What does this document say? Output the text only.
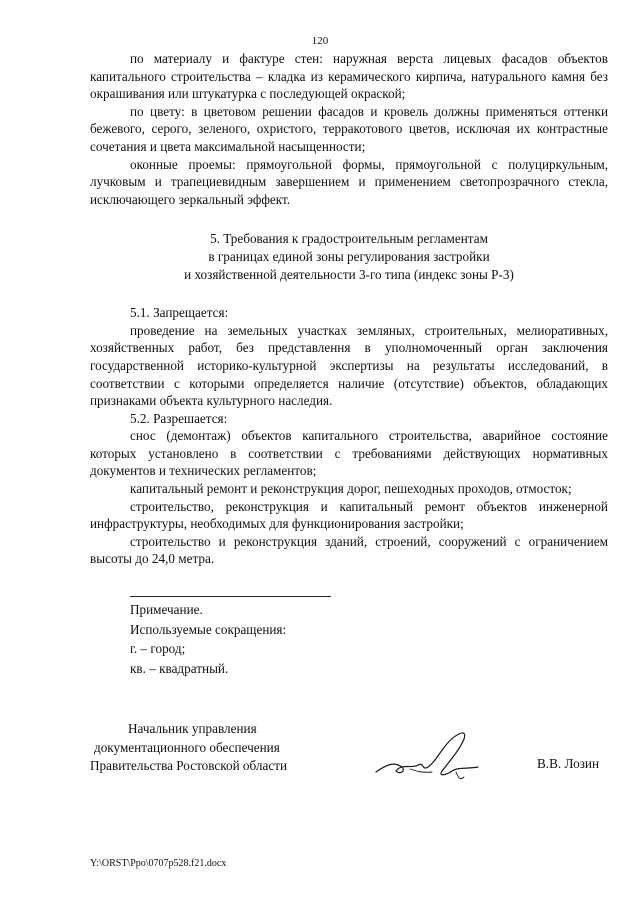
120

по материалу и фактуре стен: наружная верста лицевых фасадов объектов капитального строительства – кладка из керамического кирпича, натурального камня без окрашивания или штукатурка с последующей окраской;

по цвету: в цветовом решении фасадов и кровель должны применяться оттенки бежевого, серого, зеленого, охристого, терракотового цветов, исключая их контрастные сочетания и цвета максимальной насыщенности;

оконные проемы: прямоугольной формы, прямоугольной с полуциркульным, лучковым и трапециевидным завершением и применением светопрозрачного стекла, исключающего зеркальный эффект.

5. Требования к градостроительным регламентам
в границах единой зоны регулирования застройки
и хозяйственной деятельности 3-го типа (индекс зоны Р-3)

5.1. Запрещается:

проведение на земельных участках земляных, строительных, мелиоративных, хозяйственных работ, без представлення в уполномоченный орган заключения государственной историко-культурной экспертизы на результаты исследований, в соответствии с которыми определяется наличие (отсутствие) объектов, обладающих признаками объекта культурного наследия.

5.2. Разрешается:

снос (демонтаж) объектов капитального строительства, аварийное состояние которых установлено в соответствии с требованиями действующих нормативных документов и технических регламентов;

капитальный ремонт и реконструкция дорог, пешеходных проходов, отмосток;

строительство, реконструкция и капитальный ремонт объектов инженерной инфраструктуры, необходимых для функционирования застройки;

строительство и реконструкция зданий, строений, сооружений с ограничением высоты до 24,0 метра.

Примечание.
Используемые сокращения:
г. – город;
кв. – квадратный.
Начальник управления
документационного обеспечения
Правительства Ростовской области	В.В. Лозин
Y:\ORST\Ppo\0707p528.f21.docx
